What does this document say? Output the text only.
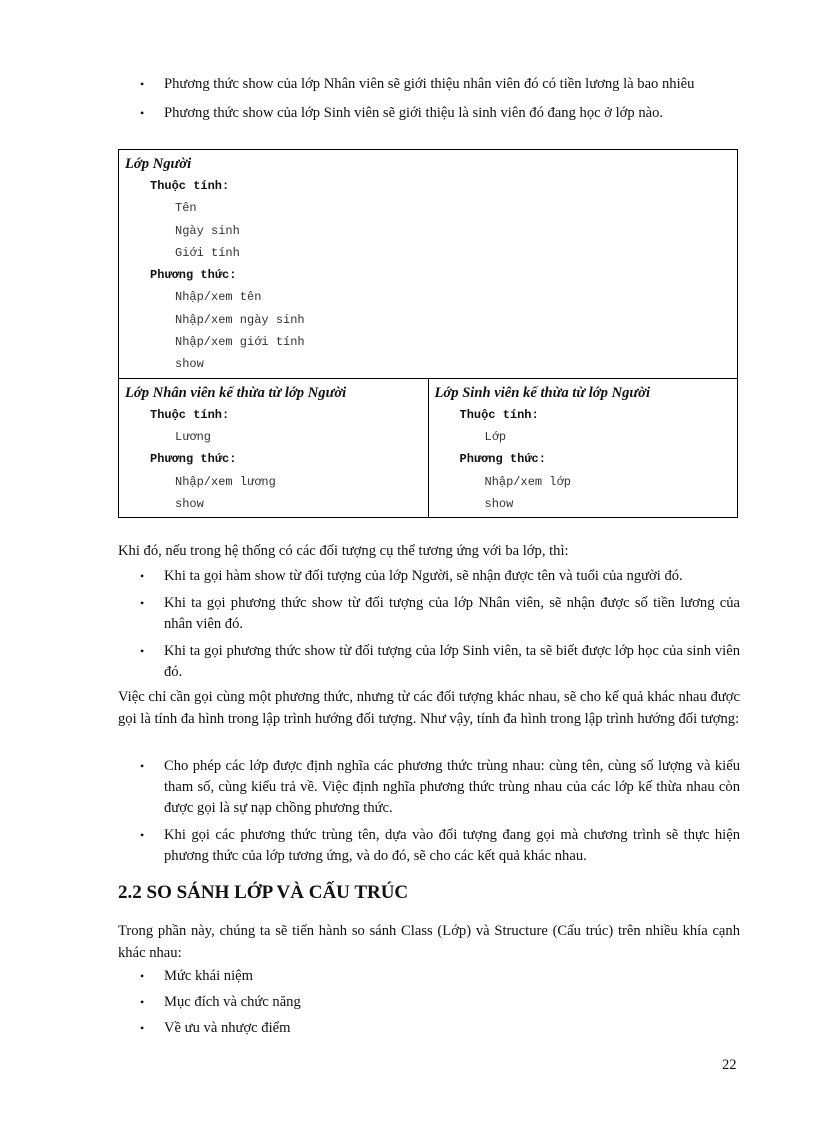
• Phương thức show của lớp Nhân viên sẽ giới thiệu nhân viên đó có tiền lương là bao nhiêu
• Phương thức show của lớp Sinh viên sẽ giới thiệu là sinh viên đó đang học ở lớp nào.
Lớp Người
Thuộc tính:
Tên
Ngày sinh
Giới tính
Phương thức:
Nhập/xem tên
Nhập/xem ngày sinh
Nhập/xem giới tính
show

Lớp Nhân viên kế thừa từ lớp Người
Thuộc tính:
Lương
Phương thức:
Nhập/xem lương
show

Lớp Sinh viên kế thừa từ lớp Người
Thuộc tính:
Lớp
Phương thức:
Nhập/xem lớp
show
Khi đó, nếu trong hệ thống có các đối tượng cụ thể tương ứng với ba lớp, thì:
• Khi ta gọi hàm show từ đối tượng của lớp Người, sẽ nhận được tên và tuổi của người đó.
• Khi ta gọi phương thức show từ đối tượng của lớp Nhân viên, sẽ nhận được số tiền lương của nhân viên đó.
• Khi ta gọi phương thức show từ đối tượng của lớp Sinh viên, ta sẽ biết được lớp học của sinh viên đó.
Việc chỉ cần gọi cùng một phương thức, nhưng từ các đối tượng khác nhau, sẽ cho kế quả khác nhau được gọi là tính đa hình trong lập trình hướng đối tượng. Như vậy, tính đa hình trong lập trình hướng đối tượng:
• Cho phép các lớp được định nghĩa các phương thức trùng nhau: cùng tên, cùng số lượng và kiểu tham số, cùng kiểu trả về. Việc định nghĩa phương thức trùng nhau của các lớp kế thừa nhau còn được gọi là sự nạp chồng phương thức.
• Khi gọi các phương thức trùng tên, dựa vào đối tượng đang gọi mà chương trình sẽ thực hiện phương thức của lớp tương ứng, và do đó, sẽ cho các kết quả khác nhau.
2.2 SO SÁNH LỚP VÀ CẤU TRÚC
Trong phần này, chúng ta sẽ tiến hành so sánh Class (Lớp) và Structure (Cấu trúc) trên nhiều khía cạnh khác nhau:
• Mức khái niệm
• Mục đích và chức năng
• Về ưu và nhược điểm
22
